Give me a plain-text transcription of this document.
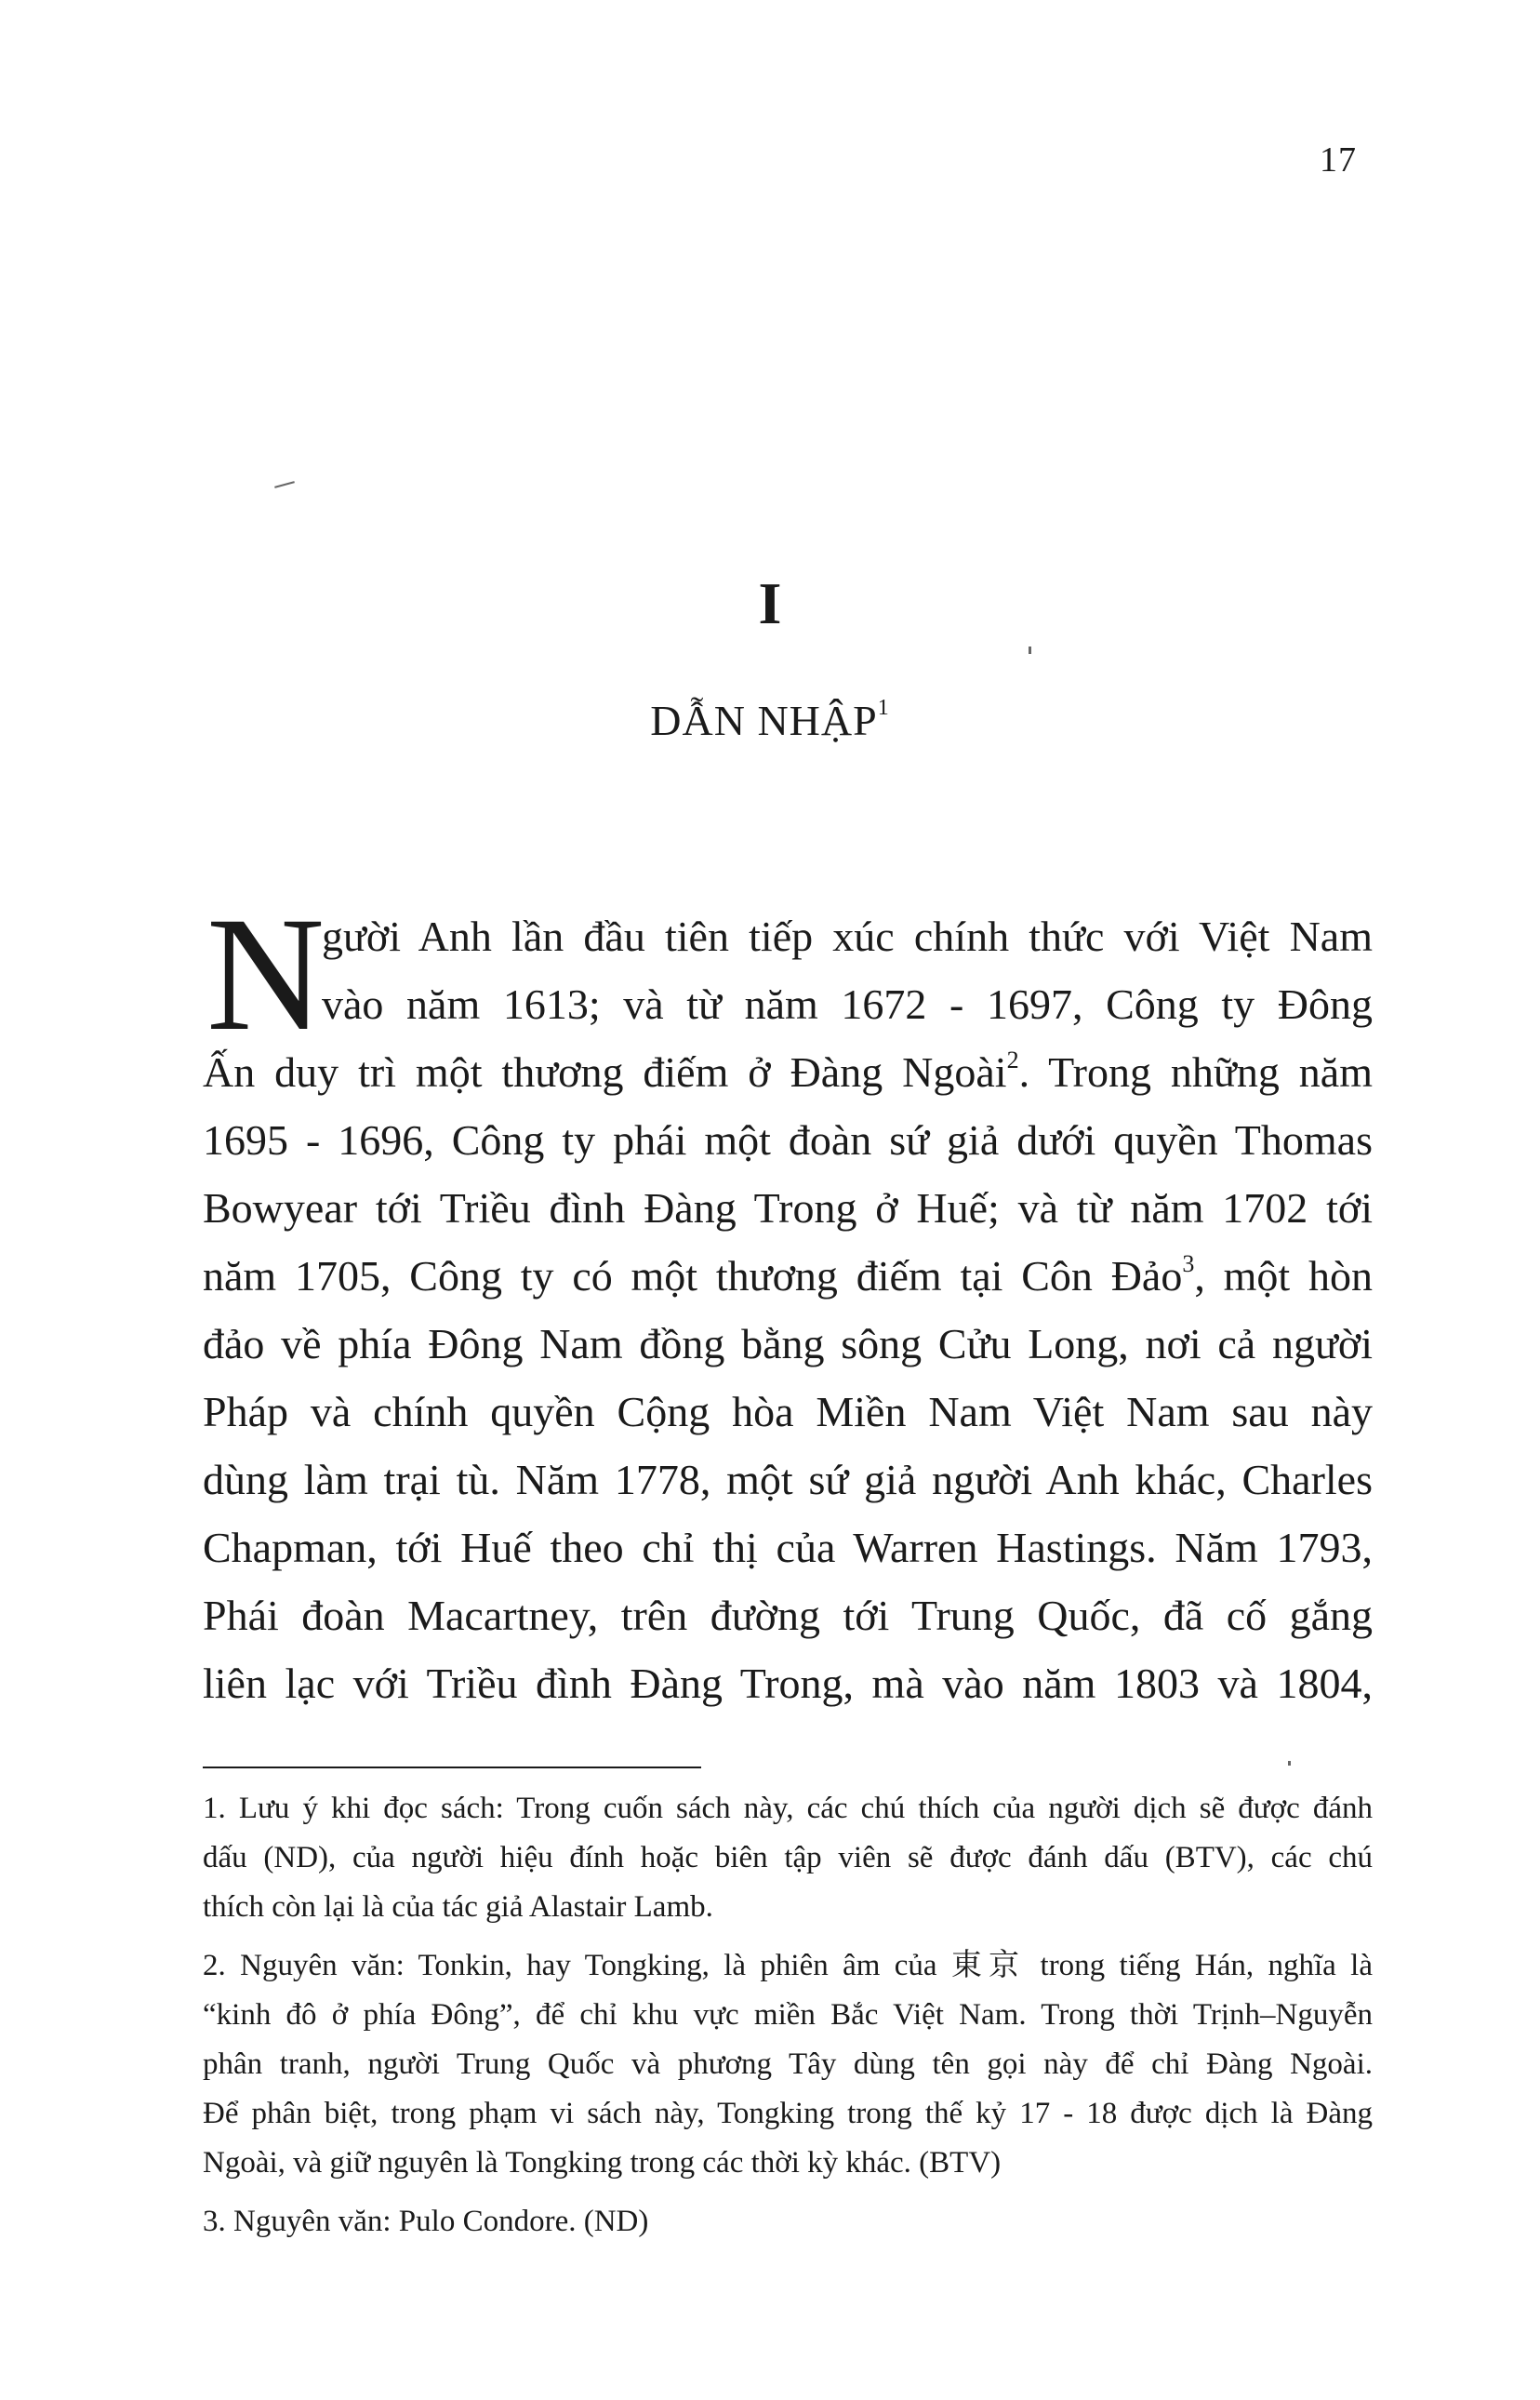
17
I
DẪN NHẬP$^1$
N
gười Anh lần đầu tiên tiếp xúc chính thức với Việt Nam
vào năm 1613; và từ năm 1672 - 1697, Công ty Đông
Ấn duy trì một thương điếm ở Đàng Ngoài$^2$. Trong những năm
1695 - 1696, Công ty phái một đoàn sứ giả dưới quyền Thomas
Bowyear tới Triều đình Đàng Trong ở Huế; và từ năm 1702 tới
năm 1705, Công ty có một thương điếm tại Côn Đảo$^3$, một hòn
đảo về phía Đông Nam đồng bằng sông Cửu Long, nơi cả người
Pháp và chính quyền Cộng hòa Miền Nam Việt Nam sau này
dùng làm trại tù. Năm 1778, một sứ giả người Anh khác, Charles
Chapman, tới Huế theo chỉ thị của Warren Hastings. Năm 1793,
Phái đoàn Macartney, trên đường tới Trung Quốc, đã cố gắng
liên lạc với Triều đình Đàng Trong, mà vào năm 1803 và 1804,
1. Lưu ý khi đọc sách: Trong cuốn sách này, các chú thích của người dịch sẽ được đánh
dấu (ND), của người hiệu đính hoặc biên tập viên sẽ được đánh dấu (BTV), các chú
thích còn lại là của tác giả Alastair Lamb.
2. Nguyên văn: Tonkin, hay Tongking, là phiên âm của 東京 trong tiếng Hán, nghĩa là
“kinh đô ở phía Đông”, để chỉ khu vực miền Bắc Việt Nam. Trong thời Trịnh–Nguyễn
phân tranh, người Trung Quốc và phương Tây dùng tên gọi này để chỉ Đàng Ngoài.
Để phân biệt, trong phạm vi sách này, Tongking trong thế kỷ 17 - 18 được dịch là Đàng
Ngoài, và giữ nguyên là Tongking trong các thời kỳ khác. (BTV)
3. Nguyên văn: Pulo Condore. (ND)
